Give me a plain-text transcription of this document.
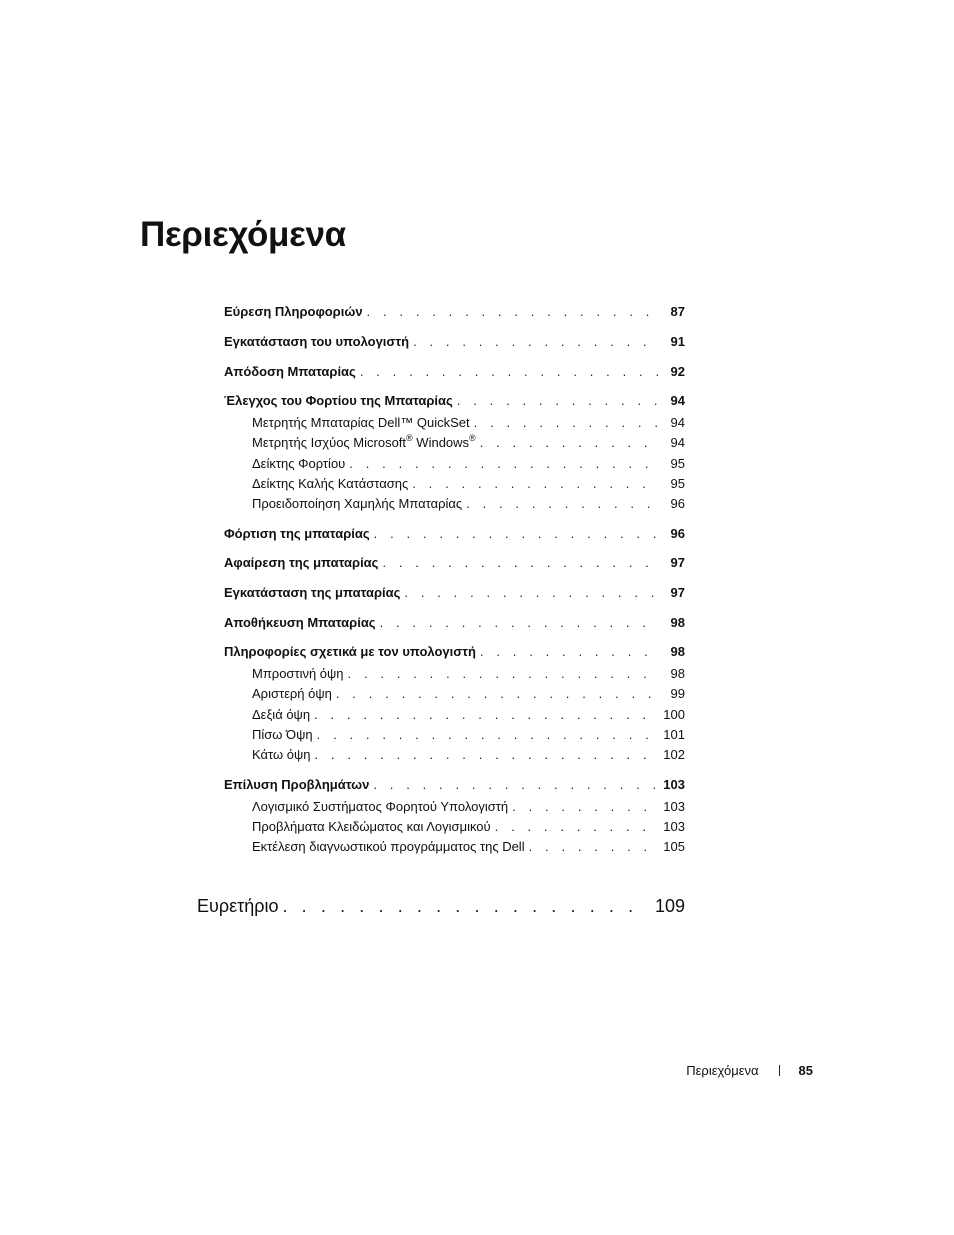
Περιεχόμενα
Εύρεση Πληροφοριών . . .	87
Εγκατάσταση του υπολογιστή . . .	91
Απόδοση Μπαταρίας . . .	92
Έλεγχος του Φορτίου της Μπαταρίας . . .	94
Μετρητής Μπαταρίας Dell™ QuickSet . . .	94
Μετρητής Ισχύος Microsoft® Windows® . . .	94
Δείκτης Φορτίου . . .	95
Δείκτης Καλής Κατάστασης . . .	95
Προειδοποίηση Χαμηλής Μπαταρίας . . .	96
Φόρτιση της μπαταρίας . . .	96
Αφαίρεση της μπαταρίας . . .	97
Εγκατάσταση της μπαταρίας . . .	97
Αποθήκευση Μπαταρίας . . .	98
Πληροφορίες σχετικά με τον υπολογιστή . . .	98
Μπροστινή όψη . . .	98
Αριστερή όψη . . .	99
Δεξιά όψη . . .	100
Πίσω Όψη . . .	101
Κάτω όψη . . .	102
Επίλυση Προβλημάτων . . .	103
Λογισμικό Συστήματος Φορητού Υπολογιστή . . .	103
Προβλήματα Κλειδώματος και Λογισμικού . . .	103
Εκτέλεση διαγνωστικού προγράμματος της Dell . . .	105
Ευρετήριο . . .	109
Περιεχόμενα	85
